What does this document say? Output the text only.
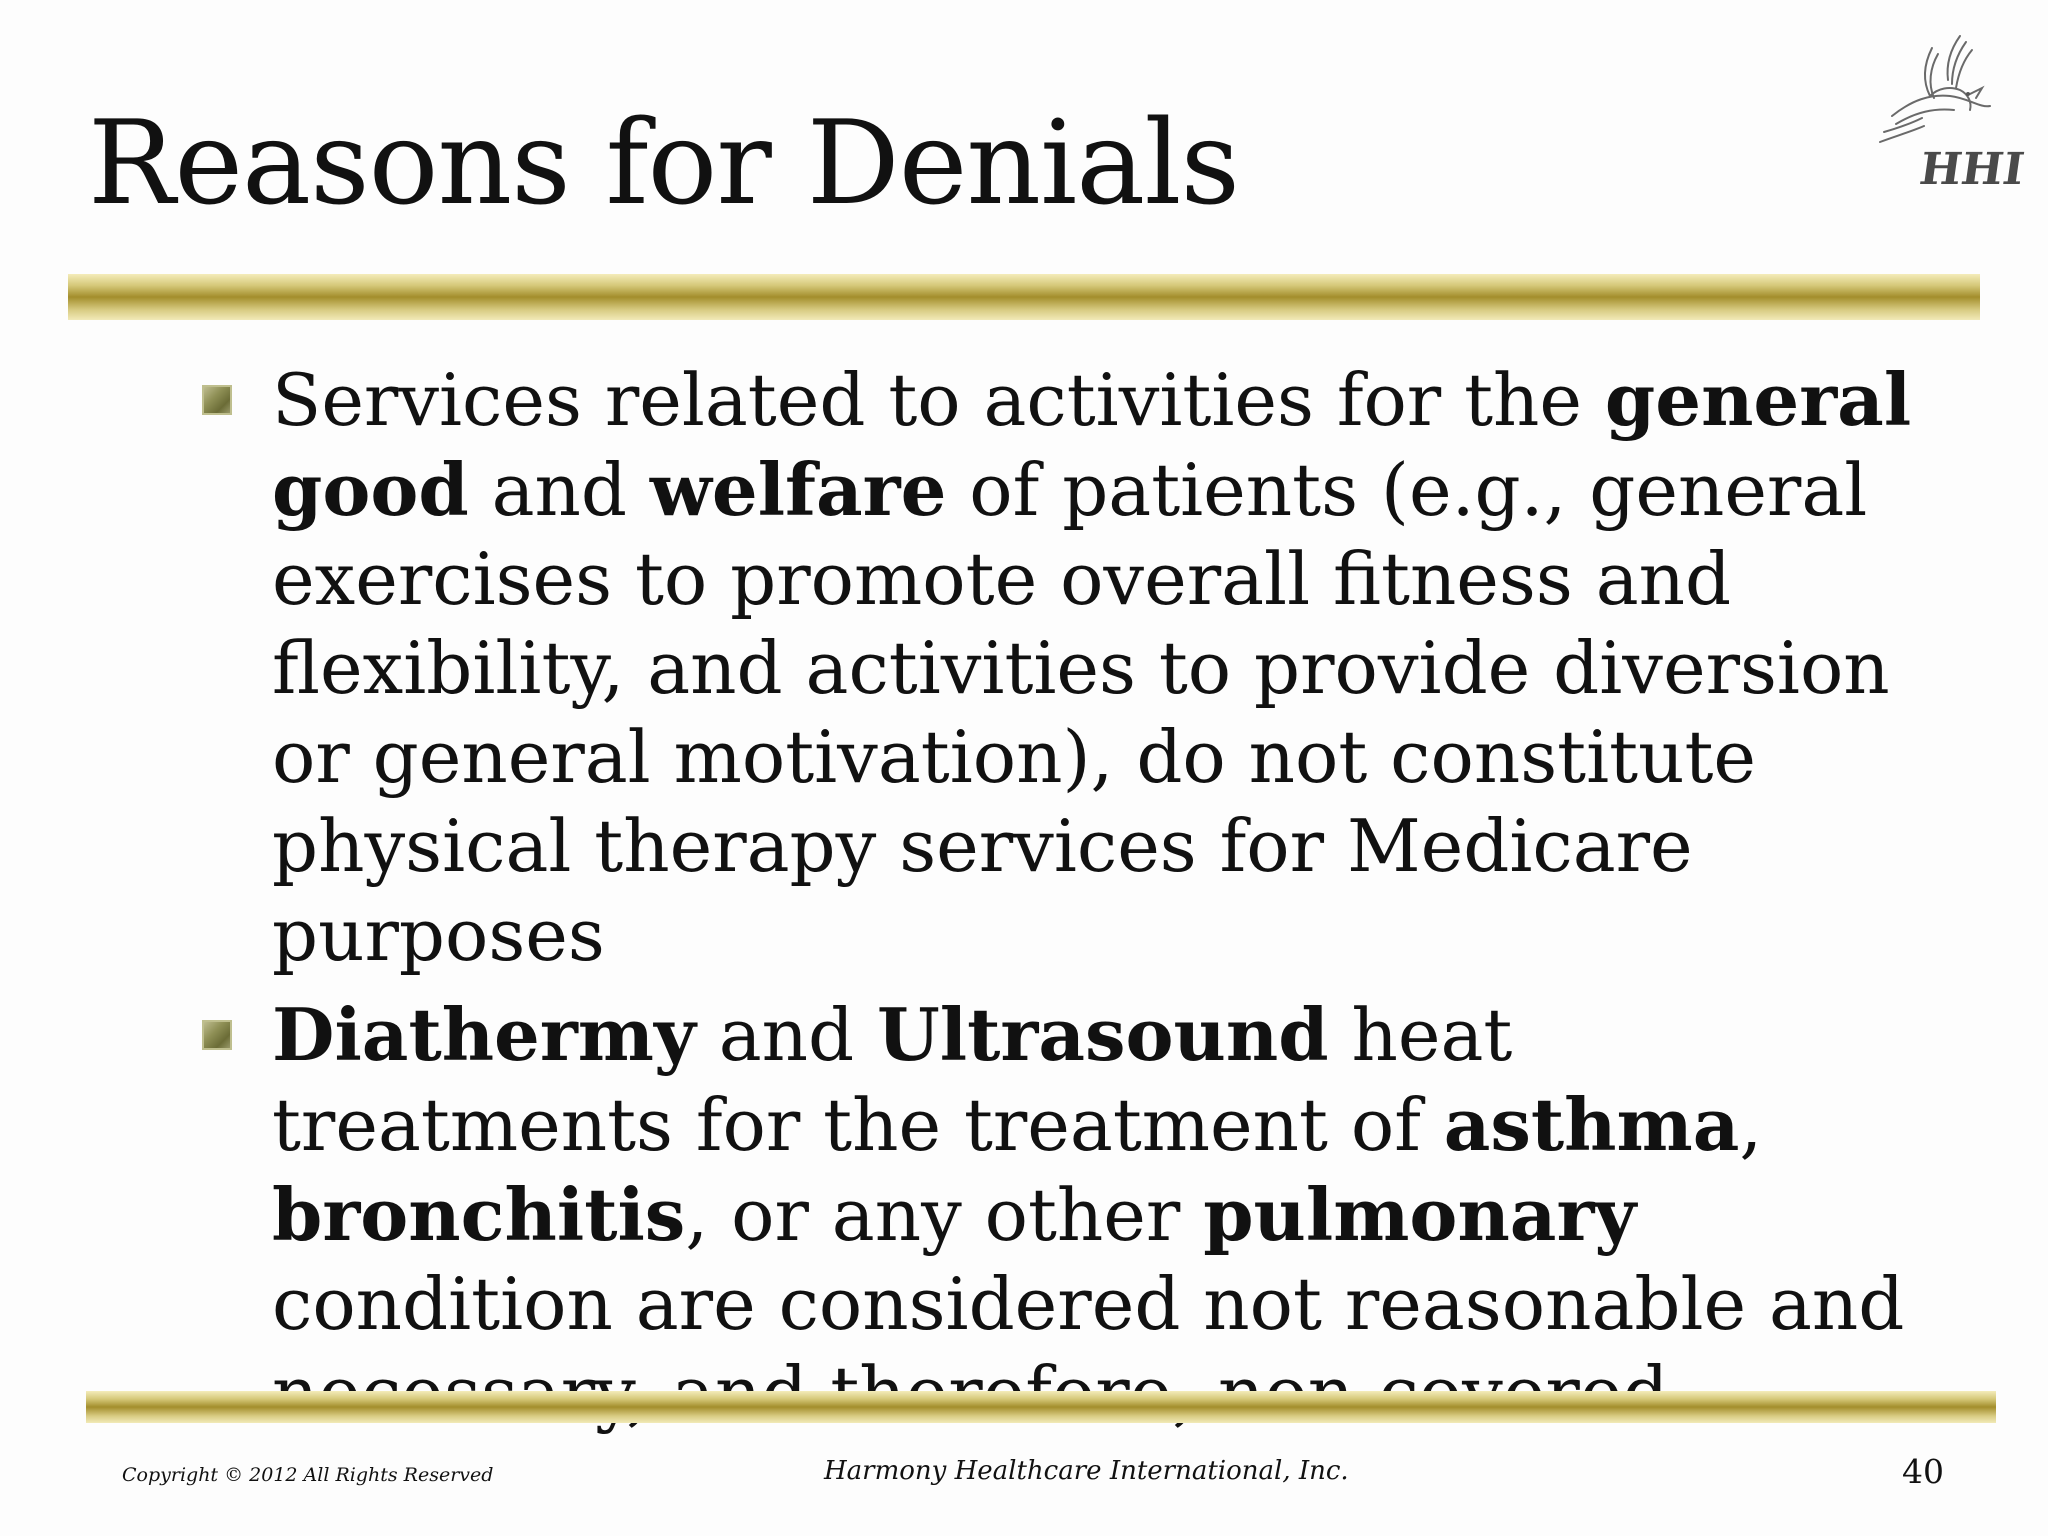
Reasons for Denials	HHI

Services related to activities for the general good and welfare of patients (e.g., general exercises to promote overall fitness and flexibility, and activities to provide diversion or general motivation), do not constitute physical therapy services for Medicare purposes

Diathermy and Ultrasound heat treatments for the treatment of asthma, bronchitis, or any other pulmonary condition are considered not reasonable and

Copyright © 2012 All Rights Reserved	Harmony Healthcare International, Inc.	40
